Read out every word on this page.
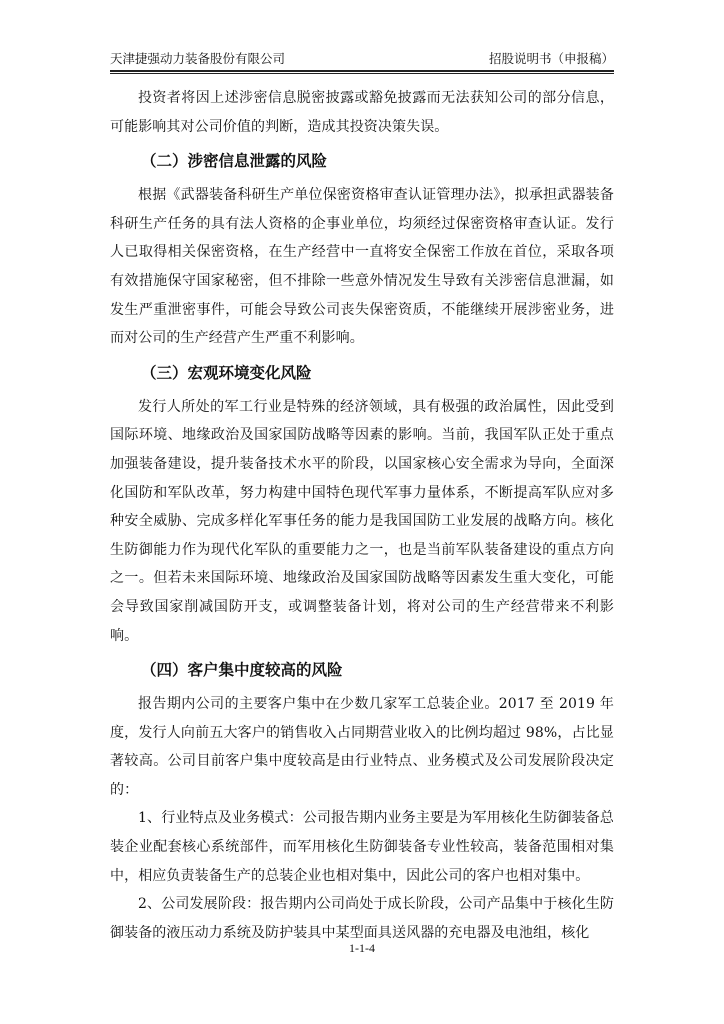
天津捷强动力装备股份有限公司	招股说明书（申报稿）

投资者将因上述涉密信息脱密披露或豁免披露而无法获知公司的部分信息，可能影响其对公司价值的判断，造成其投资决策失误。

（二）涉密信息泄露的风险

根据《武器装备科研生产单位保密资格审查认证管理办法》，拟承担武器装备科研生产任务的具有法人资格的企事业单位，均须经过保密资格审查认证。发行人已取得相关保密资格，在生产经营中一直将安全保密工作放在首位，采取各项有效措施保守国家秘密，但不排除一些意外情况发生导致有关涉密信息泄漏，如发生严重泄密事件，可能会导致公司丧失保密资质，不能继续开展涉密业务，进而对公司的生产经营产生严重不利影响。

（三）宏观环境变化风险

发行人所处的军工行业是特殊的经济领域，具有极强的政治属性，因此受到国际环境、地缘政治及国家国防战略等因素的影响。当前，我国军队正处于重点加强装备建设，提升装备技术水平的阶段，以国家核心安全需求为导向，全面深化国防和军队改革，努力构建中国特色现代军事力量体系，不断提高军队应对多种安全威胁、完成多样化军事任务的能力是我国国防工业发展的战略方向。核化生防御能力作为现代化军队的重要能力之一，也是当前军队装备建设的重点方向之一。但若未来国际环境、地缘政治及国家国防战略等因素发生重大变化，可能会导致国家削减国防开支，或调整装备计划，将对公司的生产经营带来不利影响。

（四）客户集中度较高的风险

报告期内公司的主要客户集中在少数几家军工总装企业。2017 至 2019 年度，发行人向前五大客户的销售收入占同期营业收入的比例均超过 98%，占比显著较高。公司目前客户集中度较高是由行业特点、业务模式及公司发展阶段决定的：

1、行业特点及业务模式：公司报告期内业务主要是为军用核化生防御装备总装企业配套核心系统部件，而军用核化生防御装备专业性较高，装备范围相对集中，相应负责装备生产的总装企业也相对集中，因此公司的客户也相对集中。

2、公司发展阶段：报告期内公司尚处于成长阶段，公司产品集中于核化生防御装备的液压动力系统及防护装具中某型面具送风器的充电器及电池组，核化

1-1-4
